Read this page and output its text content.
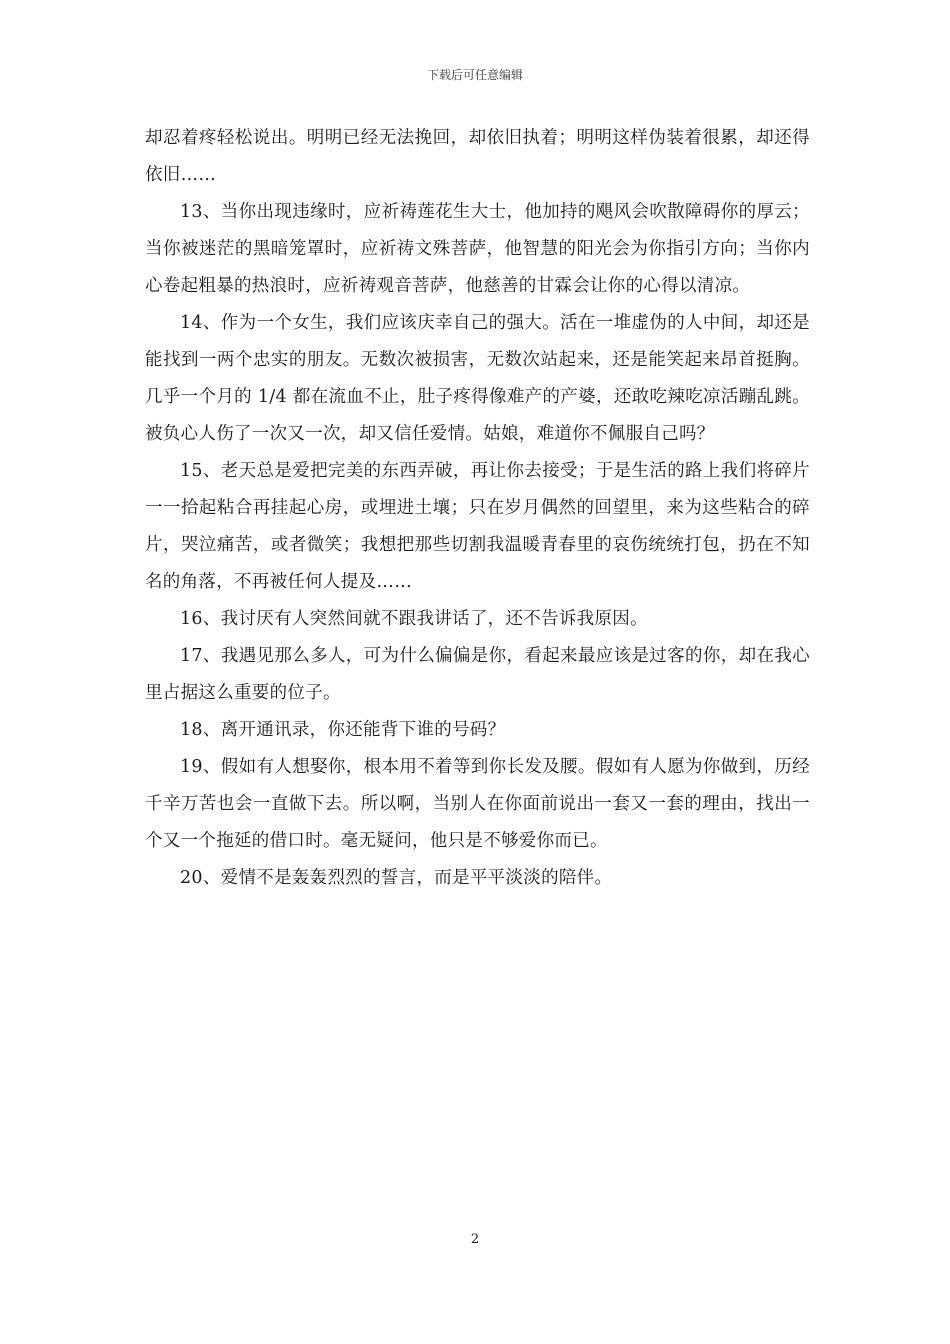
下载后可任意编辑

却忍着疼轻松说出。明明已经无法挽回，却依旧执着；明明这样伪装着很累，却还得依旧……

13、当你出现违缘时，应祈祷莲花生大士，他加持的飓风会吹散障碍你的厚云；当你被迷茫的黑暗笼罩时，应祈祷文殊菩萨，他智慧的阳光会为你指引方向；当你内心卷起粗暴的热浪时，应祈祷观音菩萨，他慈善的甘霖会让你的心得以清凉。

14、作为一个女生，我们应该庆幸自己的强大。活在一堆虚伪的人中间，却还是能找到一两个忠实的朋友。无数次被损害，无数次站起来，还是能笑起来昂首挺胸。几乎一个月的 1/4 都在流血不止，肚子疼得像难产的产婆，还敢吃辣吃凉活蹦乱跳。被负心人伤了一次又一次，却又信任爱情。姑娘，难道你不佩服自己吗？

15、老天总是爱把完美的东西弄破，再让你去接受；于是生活的路上我们将碎片一一拾起粘合再挂起心房，或埋进土壤；只在岁月偶然的回望里，来为这些粘合的碎片，哭泣痛苦，或者微笑；我想把那些切割我温暖青春里的哀伤统统打包，扔在不知名的角落，不再被任何人提及……

16、我讨厌有人突然间就不跟我讲话了，还不告诉我原因。

17、我遇见那么多人，可为什么偏偏是你，看起来最应该是过客的你，却在我心里占据这么重要的位子。

18、离开通讯录，你还能背下谁的号码？

19、假如有人想娶你，根本用不着等到你长发及腰。假如有人愿为你做到，历经千辛万苦也会一直做下去。所以啊，当别人在你面前说出一套又一套的理由，找出一个又一个拖延的借口时。毫无疑问，他只是不够爱你而已。

20、爱情不是轰轰烈烈的誓言，而是平平淡淡的陪伴。

2
